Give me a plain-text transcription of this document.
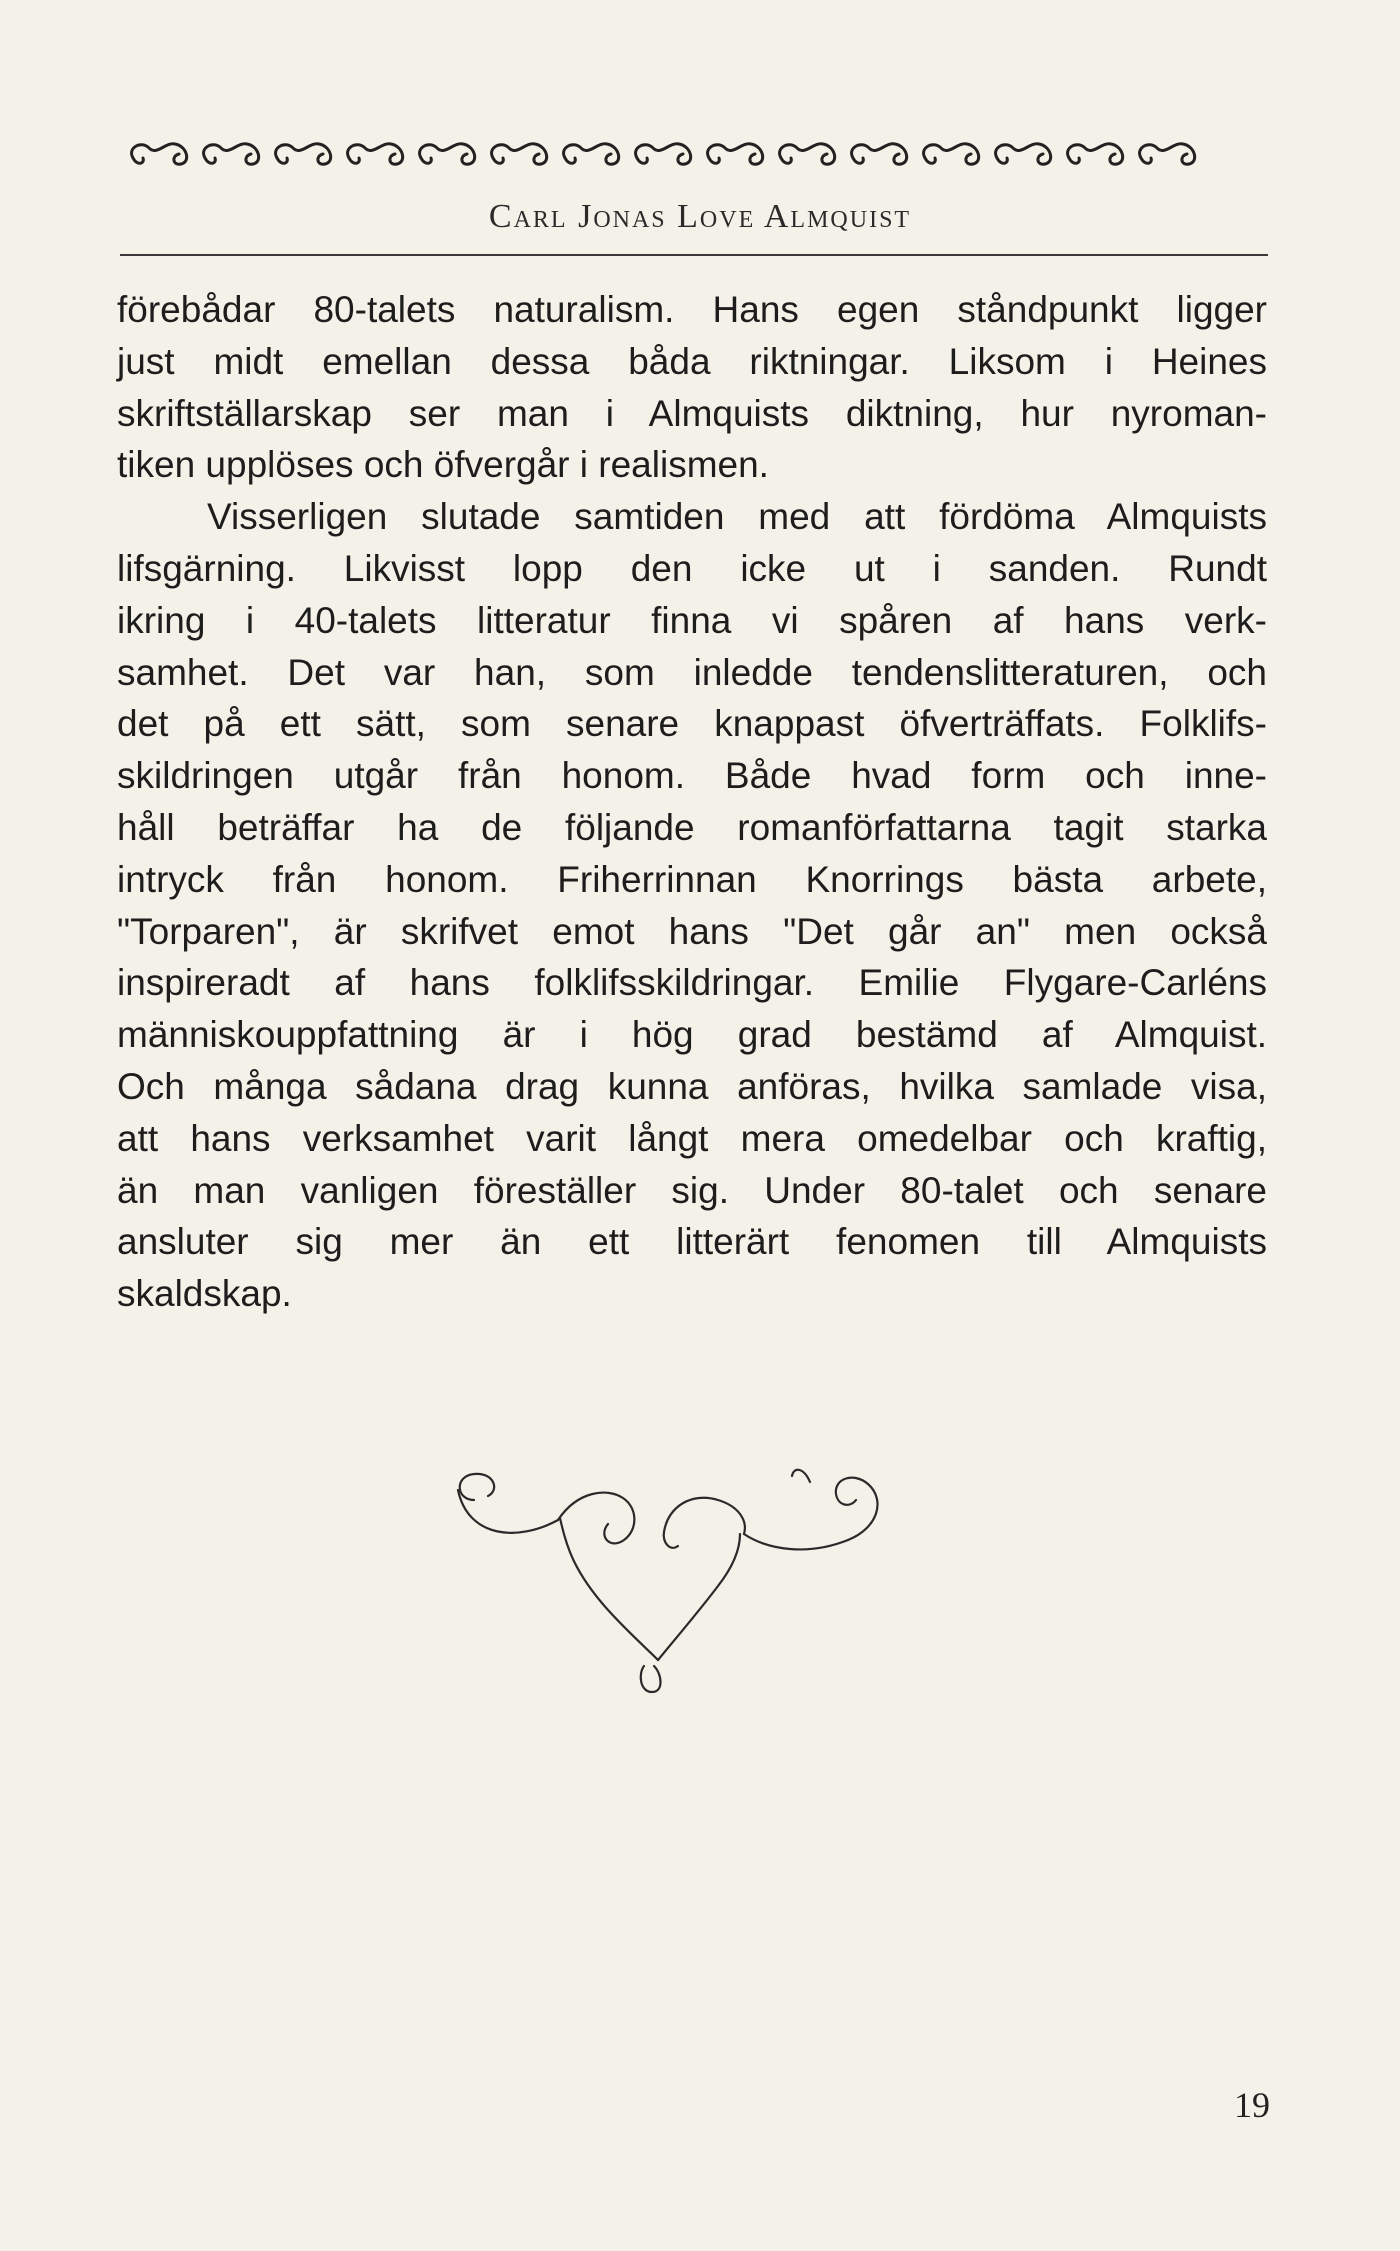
Carl Jonas Love Almquist
förebådar 80-talets naturalism. Hans egen ståndpunkt ligger
just midt emellan dessa båda riktningar. Liksom i Heines
skriftställarskap ser man i Almquists diktning, hur nyroman-
tiken upplöses och öfvergår i realismen.
Visserligen slutade samtiden med att fördöma Almquists
lifsgärning. Likvisst lopp den icke ut i sanden. Rundt
ikring i 40-talets litteratur finna vi spåren af hans verk-
samhet. Det var han, som inledde tendenslitteraturen, och
det på ett sätt, som senare knappast öfverträffats. Folklifs-
skildringen utgår från honom. Både hvad form och inne-
håll beträffar ha de följande romanförfattarna tagit starka
intryck från honom. Friherrinnan Knorrings bästa arbete,
"Torparen", är skrifvet emot hans "Det går an" men också
inspireradt af hans folklifsskildringar. Emilie Flygare-Carléns
människouppfattning är i hög grad bestämd af Almquist.
Och många sådana drag kunna anföras, hvilka samlade visa,
att hans verksamhet varit långt mera omedelbar och kraftig,
än man vanligen föreställer sig. Under 80-talet och senare
ansluter sig mer än ett litterärt fenomen till Almquists
skaldskap.
19
